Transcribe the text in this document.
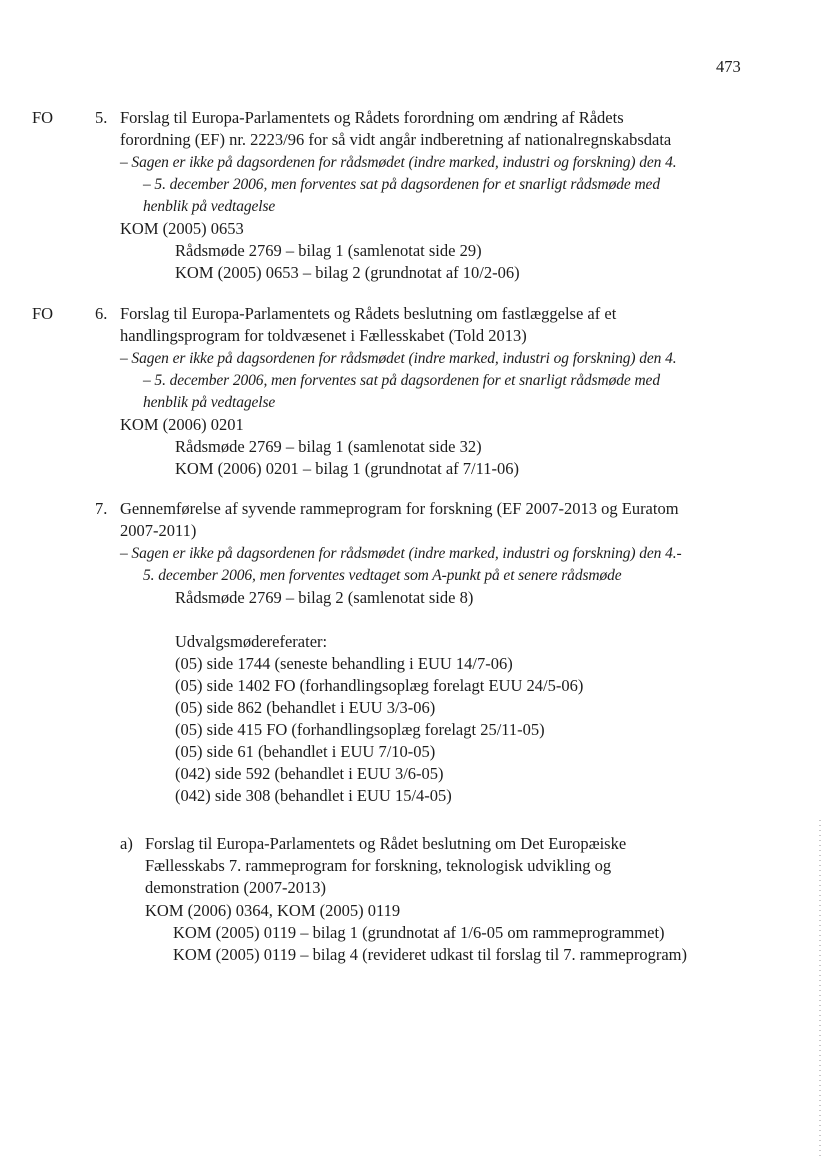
473
FO	5. Forslag til Europa-Parlamentets og Rådets forordning om ændring af Rådets
forordning (EF) nr. 2223/96 for så vidt angår indberetning af nationalregnskabsdata
– Sagen er ikke på dagsordenen for rådsmødet (indre marked, industri og forskning) den 4.
– 5. december 2006, men forventes sat på dagsordenen for et snarligt rådsmøde med
henblik på vedtagelse
KOM (2005) 0653
Rådsmøde 2769 – bilag 1 (samlenotat side 29)
KOM (2005) 0653 – bilag 2 (grundnotat af 10/2-06)
FO	6. Forslag til Europa-Parlamentets og Rådets beslutning om fastlæggelse af et
handlingsprogram for toldvæsenet i Fællesskabet (Told 2013)
– Sagen er ikke på dagsordenen for rådsmødet (indre marked, industri og forskning) den 4.
– 5. december 2006, men forventes sat på dagsordenen for et snarligt rådsmøde med
henblik på vedtagelse
KOM (2006) 0201
Rådsmøde 2769 – bilag 1 (samlenotat side 32)
KOM (2006) 0201 – bilag 1 (grundnotat af 7/11-06)
7. Gennemførelse af syvende rammeprogram for forskning (EF 2007-2013 og Euratom
2007-2011)
– Sagen er ikke på dagsordenen for rådsmødet (indre marked, industri og forskning) den 4.-
5. december 2006, men forventes vedtaget som A-punkt på et senere rådsmøde
Rådsmøde 2769 – bilag 2 (samlenotat side 8)
Udvalgsmødereferater:
(05) side 1744 (seneste behandling i EUU 14/7-06)
(05) side 1402 FO (forhandlingsoplæg forelagt EUU 24/5-06)
(05) side 862 (behandlet i EUU 3/3-06)
(05) side 415 FO (forhandlingsoplæg forelagt 25/11-05)
(05) side 61 (behandlet i EUU 7/10-05)
(042) side 592 (behandlet i EUU 3/6-05)
(042) side 308 (behandlet i EUU 15/4-05)
a) Forslag til Europa-Parlamentets og Rådet beslutning om Det Europæiske
Fællesskabs 7. rammeprogram for forskning, teknologisk udvikling og
demonstration (2007-2013)
KOM (2006) 0364, KOM (2005) 0119
KOM (2005) 0119 – bilag 1 (grundnotat af 1/6-05 om rammeprogrammet)
KOM (2005) 0119 – bilag 4 (revideret udkast til forslag til 7. rammeprogram)
